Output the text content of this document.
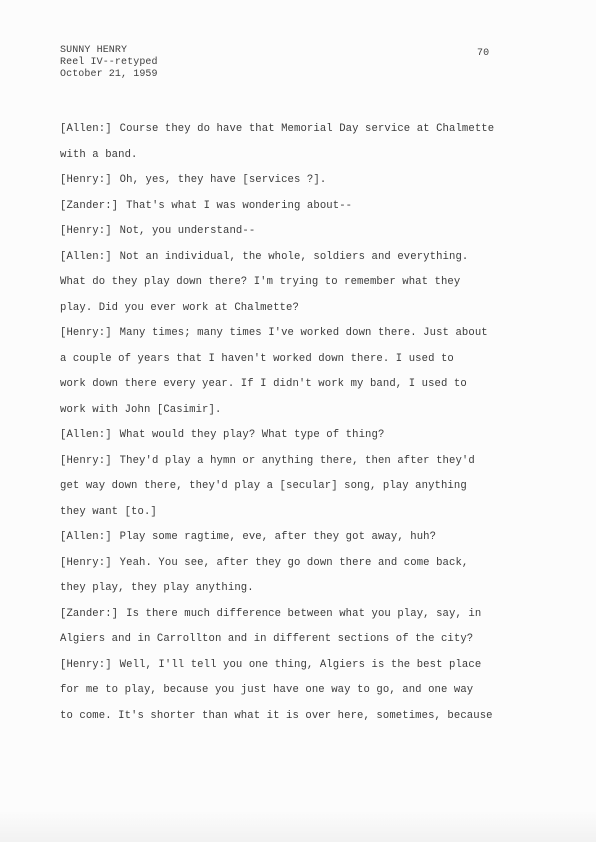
SUNNY HENRY
Reel IV--retyped
October 21, 1959
70
[Allen:] Course they do have that Memorial Day service at Chalmette
with a band.
[Henry:] Oh, yes, they have [services ?].
[Zander:] That's what I was wondering about--
[Henry:] Not, you understand--
[Allen:] Not an individual, the whole, soldiers and everything.
What do they play down there? I'm trying to remember what they
play. Did you ever work at Chalmette?
[Henry:] Many times; many times I've worked down there. Just about
a couple of years that I haven't worked down there. I used to
work down there every year. If I didn't work my band, I used to
work with John [Casimir].
[Allen:] What would they play? What type of thing?
[Henry:] They'd play a hymn or anything there, then after they'd
get way down there, they'd play a [secular] song, play anything
they want [to.]
[Allen:] Play some ragtime, eve, after they got away, huh?
[Henry:] Yeah. You see, after they go down there and come back,
they play, they play anything.
[Zander:] Is there much difference between what you play, say, in
Algiers and in Carrollton and in different sections of the city?
[Henry:] Well, I'll tell you one thing, Algiers is the best place
for me to play, because you just have one way to go, and one way
to come. It's shorter than what it is over here, sometimes, because
